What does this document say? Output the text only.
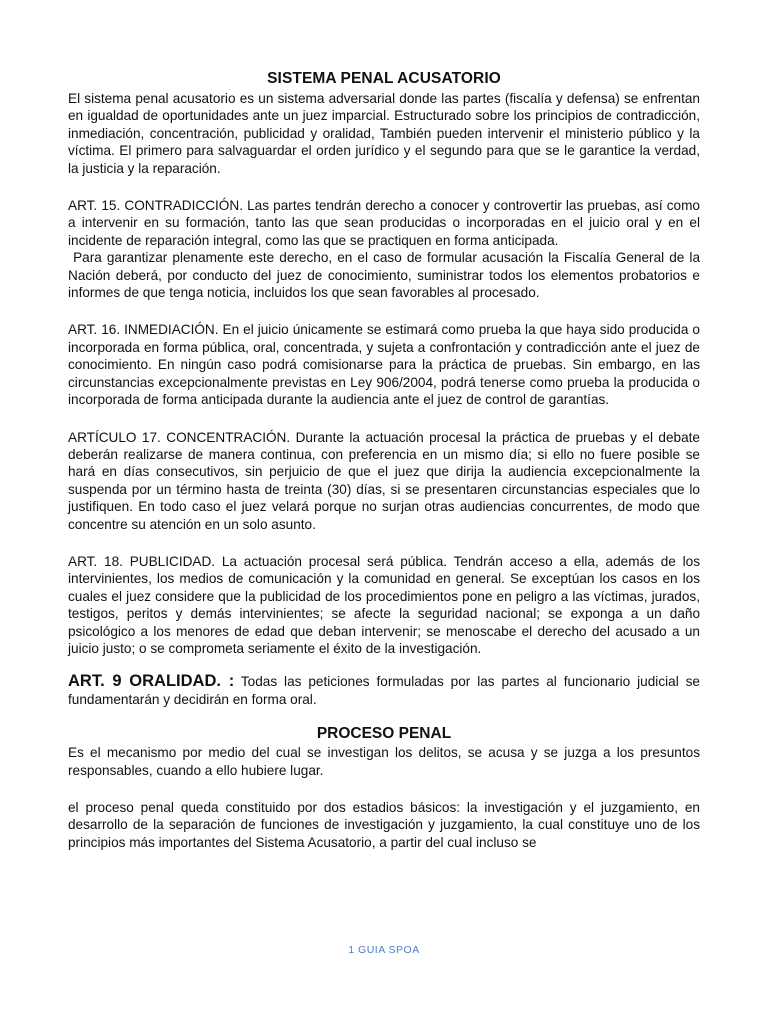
SISTEMA PENAL ACUSATORIO

El sistema penal acusatorio es un sistema adversarial donde las partes (fiscalía y defensa) se enfrentan en igualdad de oportunidades ante un juez imparcial. Estructurado sobre los principios de contradicción, inmediación, concentración, publicidad y oralidad, También pueden intervenir el ministerio público y la víctima. El primero para salvaguardar el orden jurídico y el segundo para que se le garantice la verdad, la justicia y la reparación.

ART. 15. CONTRADICCIÓN. Las partes tendrán derecho a conocer y controvertir las pruebas, así como a intervenir en su formación, tanto las que sean producidas o incorporadas en el juicio oral y en el incidente de reparación integral, como las que se practiquen en forma anticipada.

Para garantizar plenamente este derecho, en el caso de formular acusación la Fiscalía General de la Nación deberá, por conducto del juez de conocimiento, suministrar todos los elementos probatorios e informes de que tenga noticia, incluidos los que sean favorables al procesado.

ART. 16. INMEDIACIÓN. En el juicio únicamente se estimará como prueba la que haya sido producida o incorporada en forma pública, oral, concentrada, y sujeta a confrontación y contradicción ante el juez de conocimiento. En ningún caso podrá comisionarse para la práctica de pruebas. Sin embargo, en las circunstancias excepcionalmente previstas en Ley 906/2004, podrá tenerse como prueba la producida o incorporada de forma anticipada durante la audiencia ante el juez de control de garantías.

ARTÍCULO 17. CONCENTRACIÓN. Durante la actuación procesal la práctica de pruebas y el debate deberán realizarse de manera continua, con preferencia en un mismo día; si ello no fuere posible se hará en días consecutivos, sin perjuicio de que el juez que dirija la audiencia excepcionalmente la suspenda por un término hasta de treinta (30) días, si se presentaren circunstancias especiales que lo justifiquen. En todo caso el juez velará porque no surjan otras audiencias concurrentes, de modo que concentre su atención en un solo asunto.

ART. 18. PUBLICIDAD. La actuación procesal será pública. Tendrán acceso a ella, además de los intervinientes, los medios de comunicación y la comunidad en general. Se exceptúan los casos en los cuales el juez considere que la publicidad de los procedimientos pone en peligro a las víctimas, jurados, testigos, peritos y demás intervinientes; se afecte la seguridad nacional; se exponga a un daño psicológico a los menores de edad que deban intervenir; se menoscabe el derecho del acusado a un juicio justo; o se comprometa seriamente el éxito de la investigación.

ART. 9 ORALIDAD. : Todas las peticiones formuladas por las partes al funcionario judicial se fundamentarán y decidirán en forma oral.

PROCESO PENAL

Es el mecanismo por medio del cual se investigan los delitos, se acusa y se juzga a los presuntos responsables, cuando a ello hubiere lugar.

el proceso penal queda constituido por dos estadios básicos: la investigación y el juzgamiento, en desarrollo de la separación de funciones de investigación y juzgamiento, la cual constituye uno de los principios más importantes del Sistema Acusatorio, a partir del cual incluso se

1 GUIA SPOA
